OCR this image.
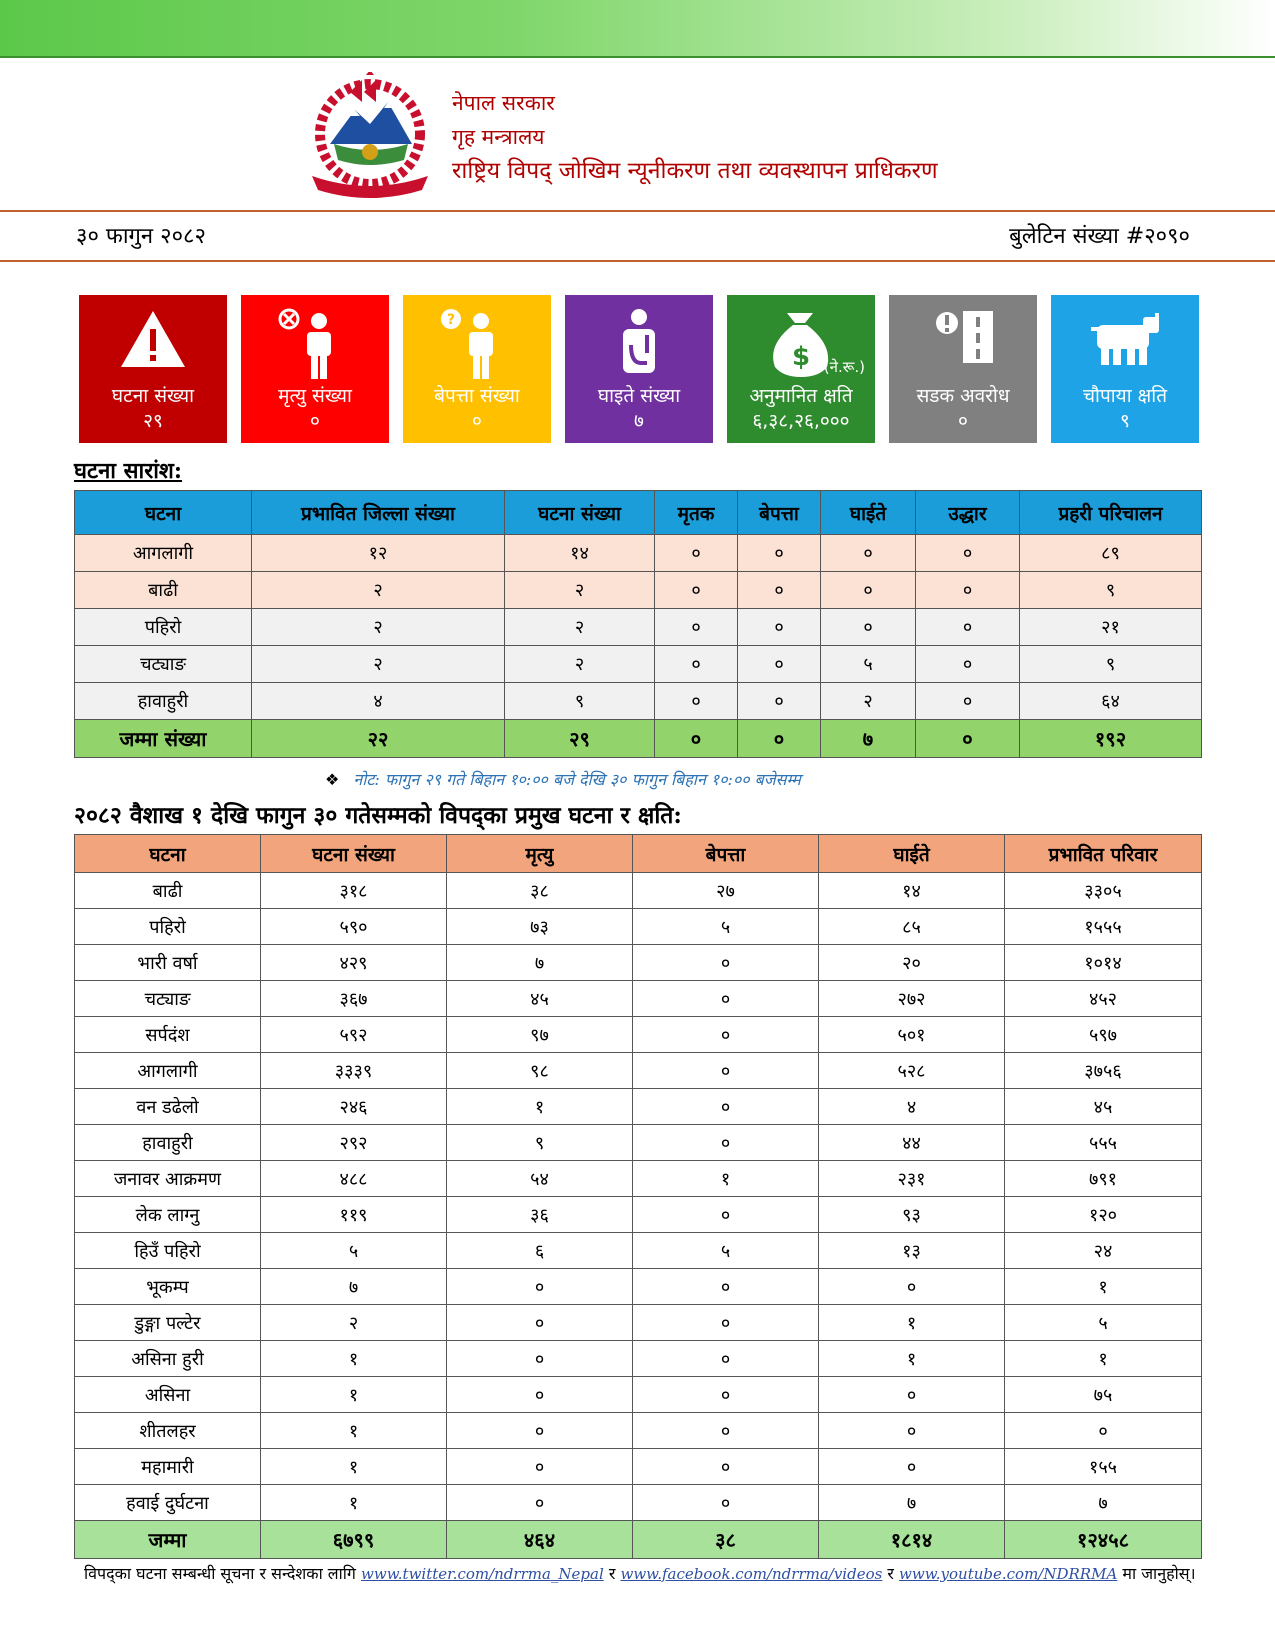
नेपाल सरकार
गृह मन्त्रालय
राष्ट्रिय विपद् जोखिम न्यूनीकरण तथा व्यवस्थापन प्राधिकरण
३० फागुन २०८२	बुलेटिन संख्या #२०९०
घटना संख्या
२९
मृत्यु संख्या
०
?
बेपत्ता संख्या
०
घाइते संख्या
७
$ (ने.रू.)
अनुमानित क्षति
६,३८,२६,०००
सडक अवरोध
०
चौपाया क्षति
९
घटना सारांश:
घटना	प्रभावित जिल्ला संख्या	घटना संख्या	मृतक	बेपत्ता	घाईते	उद्धार	प्रहरी परिचालन
आगलागी	१२	१४	०	०	०	०	८९
बाढी	२	२	०	०	०	०	९
पहिरो	२	२	०	०	०	०	२१
चट्याङ	२	२	०	०	५	०	९
हावाहुरी	४	९	०	०	२	०	६४
जम्मा संख्या	२२	२९	०	०	७	०	१९२
❖ नोट: फागुन २९ गते बिहान १०:०० बजे देखि ३० फागुन बिहान १०:०० बजेसम्म
२०८२ वैशाख १ देखि फागुन ३० गतेसम्मको विपद्का प्रमुख घटना र क्षति:
घटना	घटना संख्या	मृत्यु	बेपत्ता	घाईते	प्रभावित परिवार
बाढी	३१८	३८	२७	१४	३३०५
पहिरो	५९०	७३	५	८५	१५५५
भारी वर्षा	४२९	७	०	२०	१०१४
चट्याङ	३६७	४५	०	२७२	४५२
सर्पदंश	५९२	९७	०	५०१	५९७
आगलागी	३३३९	९८	०	५२८	३७५६
वन डढेलो	२४६	१	०	४	४५
हावाहुरी	२९२	९	०	४४	५५५
जनावर आक्रमण	४८८	५४	१	२३१	७९१
लेक लाग्नु	११९	३६	०	९३	१२०
हिउँ पहिरो	५	६	५	१३	२४
भूकम्प	७	०	०	०	१
डुङ्गा पल्टेर	२	०	०	१	५
असिना हुरी	१	०	०	१	१
असिना	१	०	०	०	७५
शीतलहर	१	०	०	०	०
महामारी	१	०	०	०	१५५
हवाई दुर्घटना	१	०	०	७	७
जम्मा	६७९९	४६४	३८	१८१४	१२४५८
विपद्का घटना सम्बन्धी सूचना र सन्देशका लागि www.twitter.com/ndrrma_Nepal र www.facebook.com/ndrrma/videos र www.youtube.com/NDRRMA मा जानुहोस्।
